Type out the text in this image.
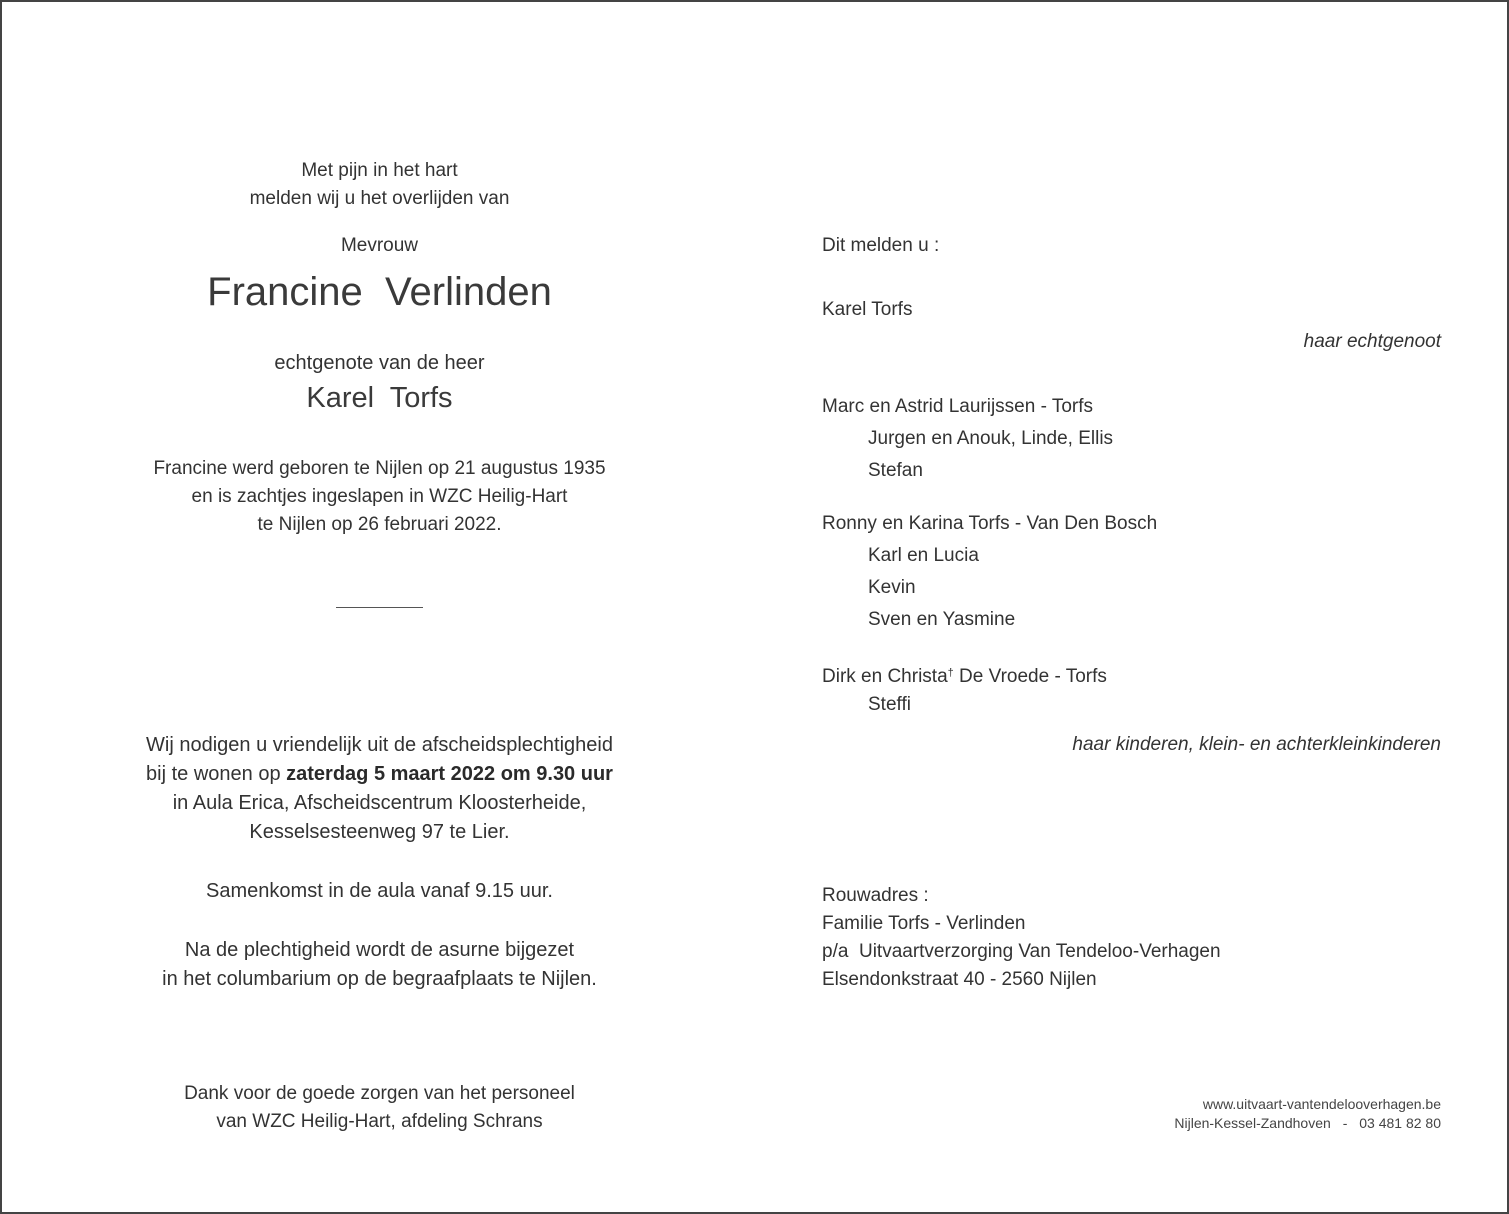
Met pijn in het hart
melden wij u het overlijden van
Mevrouw
Francine  Verlinden
echtgenote van de heer
Karel  Torfs
Francine werd geboren te Nijlen op 21 augustus 1935
en is zachtjes ingeslapen in WZC Heilig-Hart
te Nijlen op 26 februari 2022.
Wij nodigen u vriendelijk uit de afscheidsplechtigheid
bij te wonen op zaterdag 5 maart 2022 om 9.30 uur
in Aula Erica, Afscheidscentrum Kloosterheide,
Kesselsesteenweg 97 te Lier.
Samenkomst in de aula vanaf 9.15 uur.
Na de plechtigheid wordt de asurne bijgezet
in het columbarium op de begraafplaats te Nijlen.
Dank voor de goede zorgen van het personeel
van WZC Heilig-Hart, afdeling Schrans
Dit melden u :
Karel Torfs
haar echtgenoot
Marc en Astrid Laurijssen - Torfs
Jurgen en Anouk, Linde, Ellis
Stefan
Ronny en Karina Torfs - Van Den Bosch
Karl en Lucia
Kevin
Sven en Yasmine
Dirk en Christa† De Vroede - Torfs
Steffi
haar kinderen, klein- en achterkleinkinderen
Rouwadres :
Familie Torfs - Verlinden
p/a  Uitvaartverzorging Van Tendeloo-Verhagen
Elsendonkstraat 40 - 2560 Nijlen
www.uitvaart-vantendelooverhagen.be
Nijlen-Kessel-Zandhoven - 03 481 82 80
